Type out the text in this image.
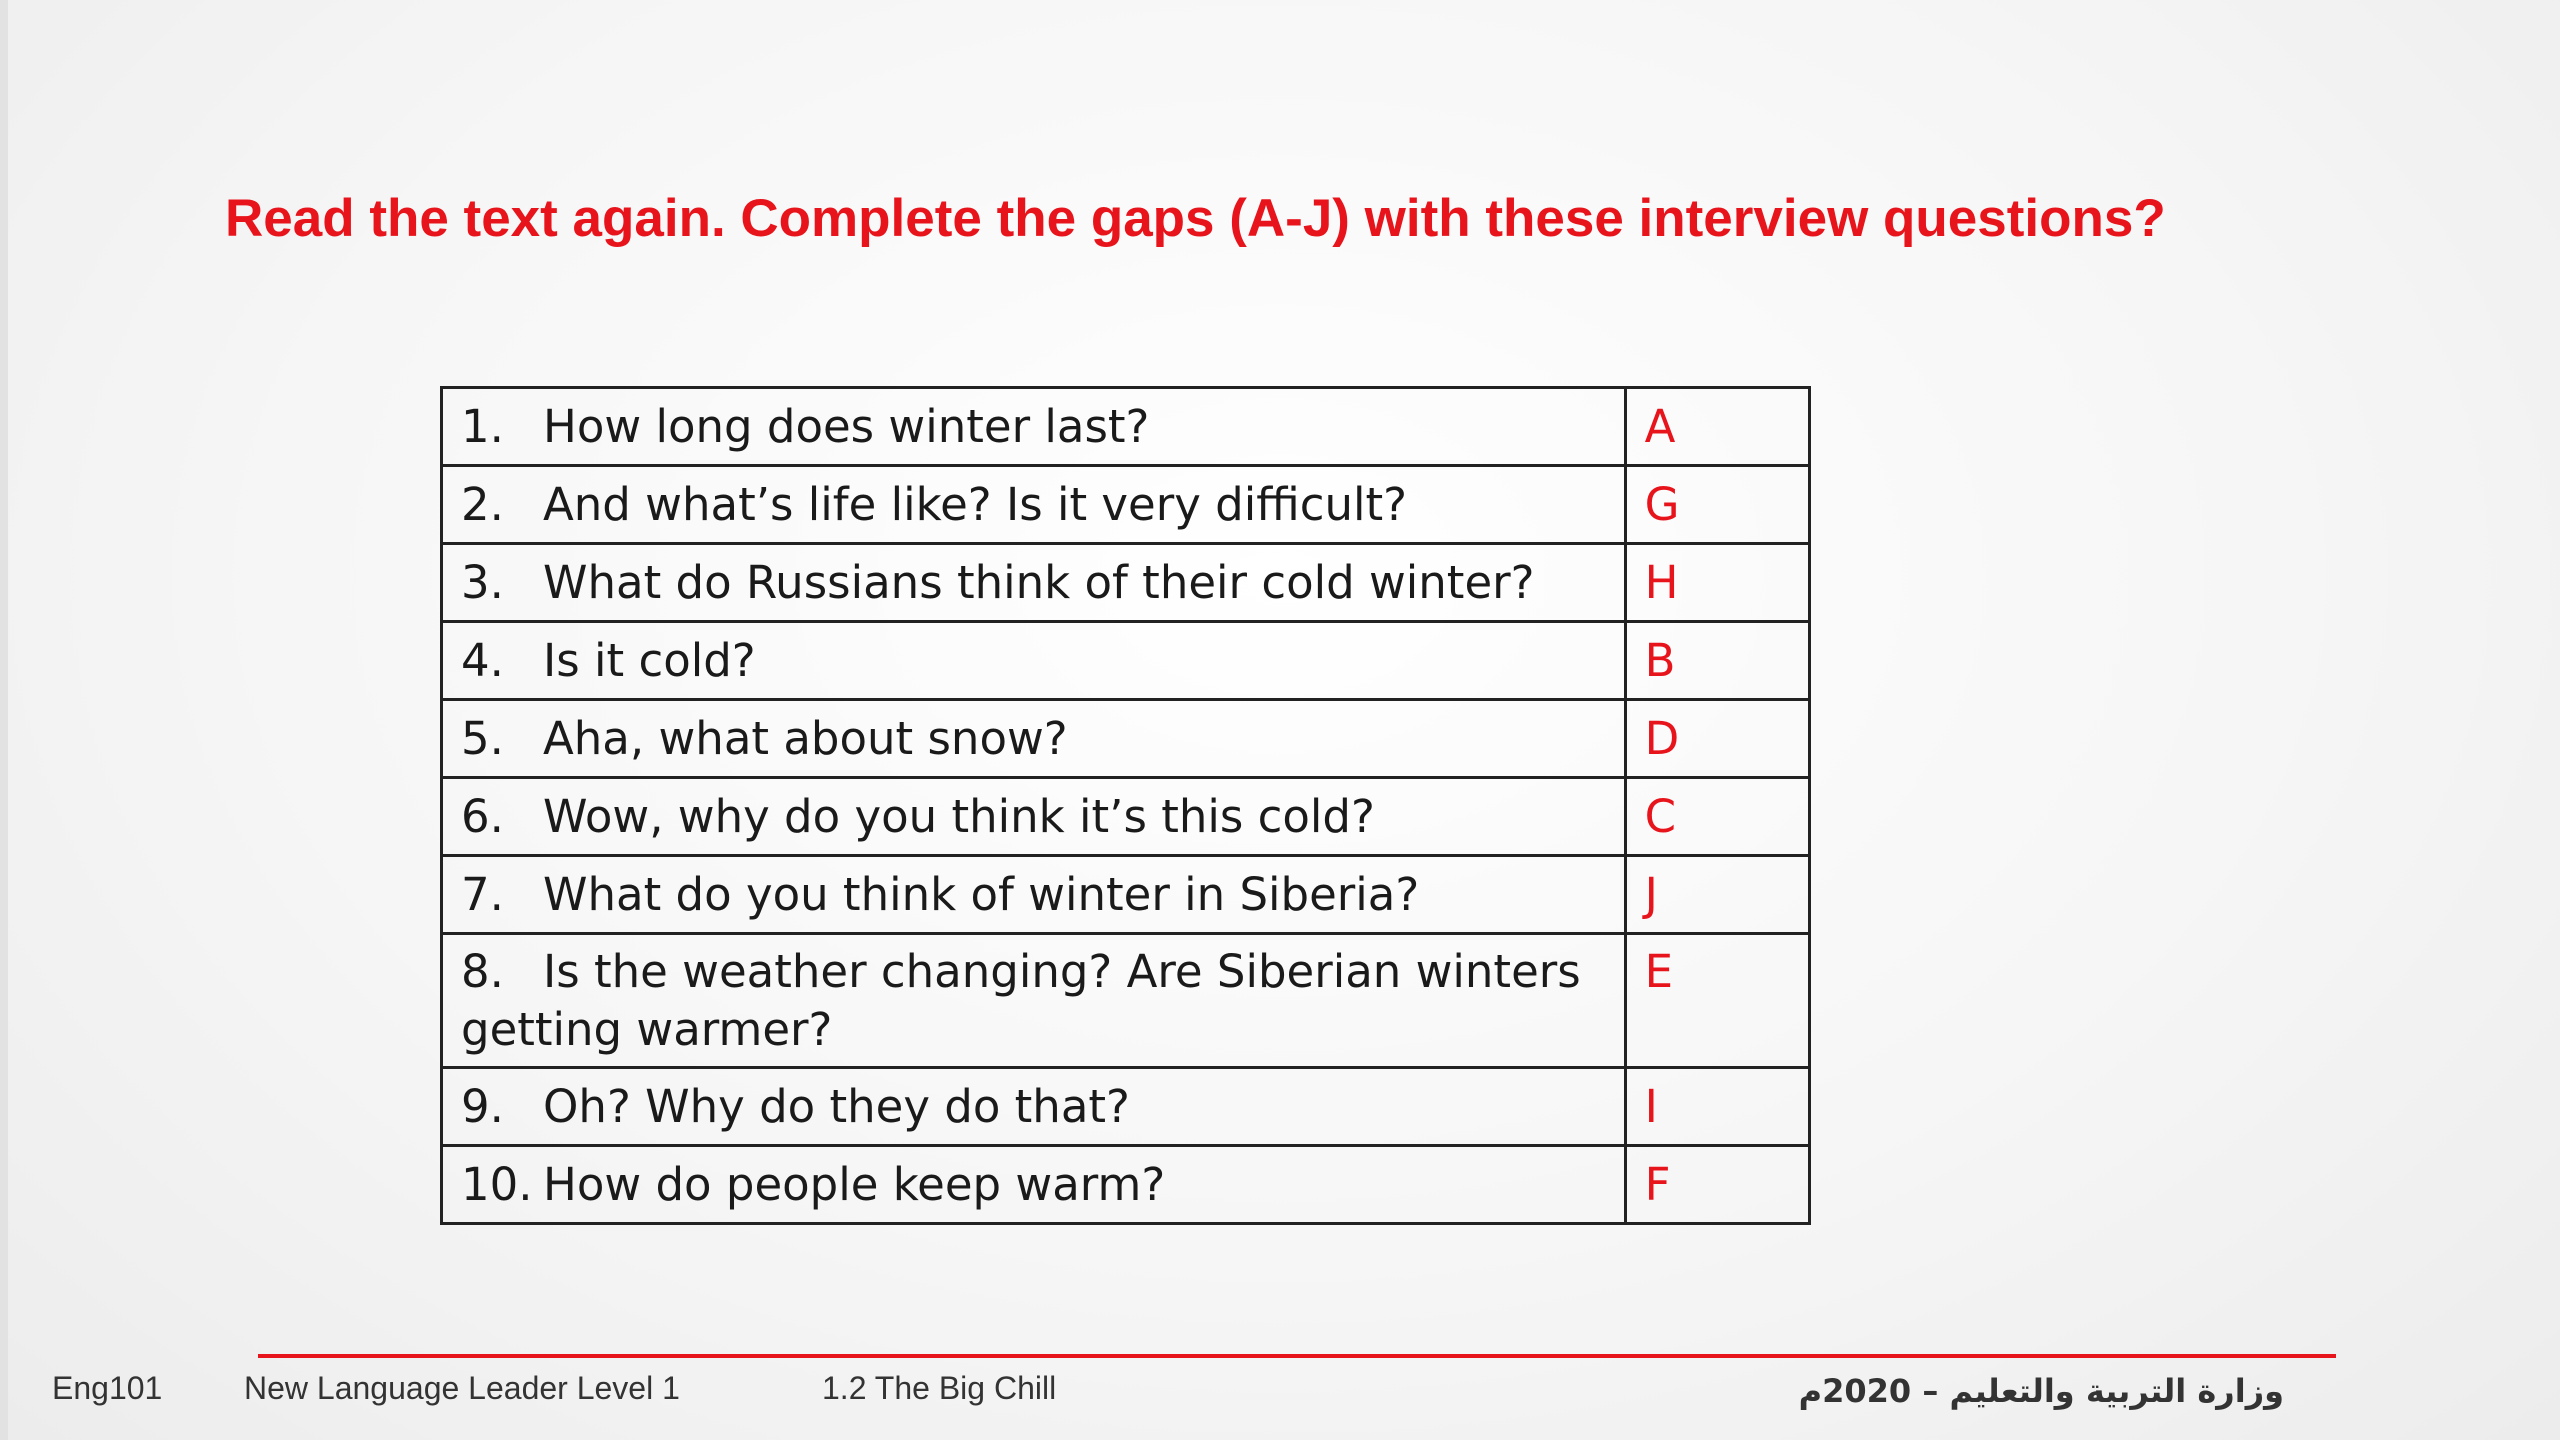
Read the text again. Complete the gaps (A-J) with these interview questions?
1. How long does winter last?	A
2. And what’s life like? Is it very difficult?	G
3. What do Russians think of their cold winter?	H
4. Is it cold?	B
5. Aha, what about snow?	D
6. Wow, why do you think it’s this cold?	C
7. What do you think of winter in Siberia?	J
8. Is the weather changing? Are Siberian winters getting warmer?	E
9. Oh? Why do they do that?	I
10. How do people keep warm?	F
Eng101	New Language Leader Level 1	1.2 The Big Chill	وزارة التربية والتعليم – 2020م
